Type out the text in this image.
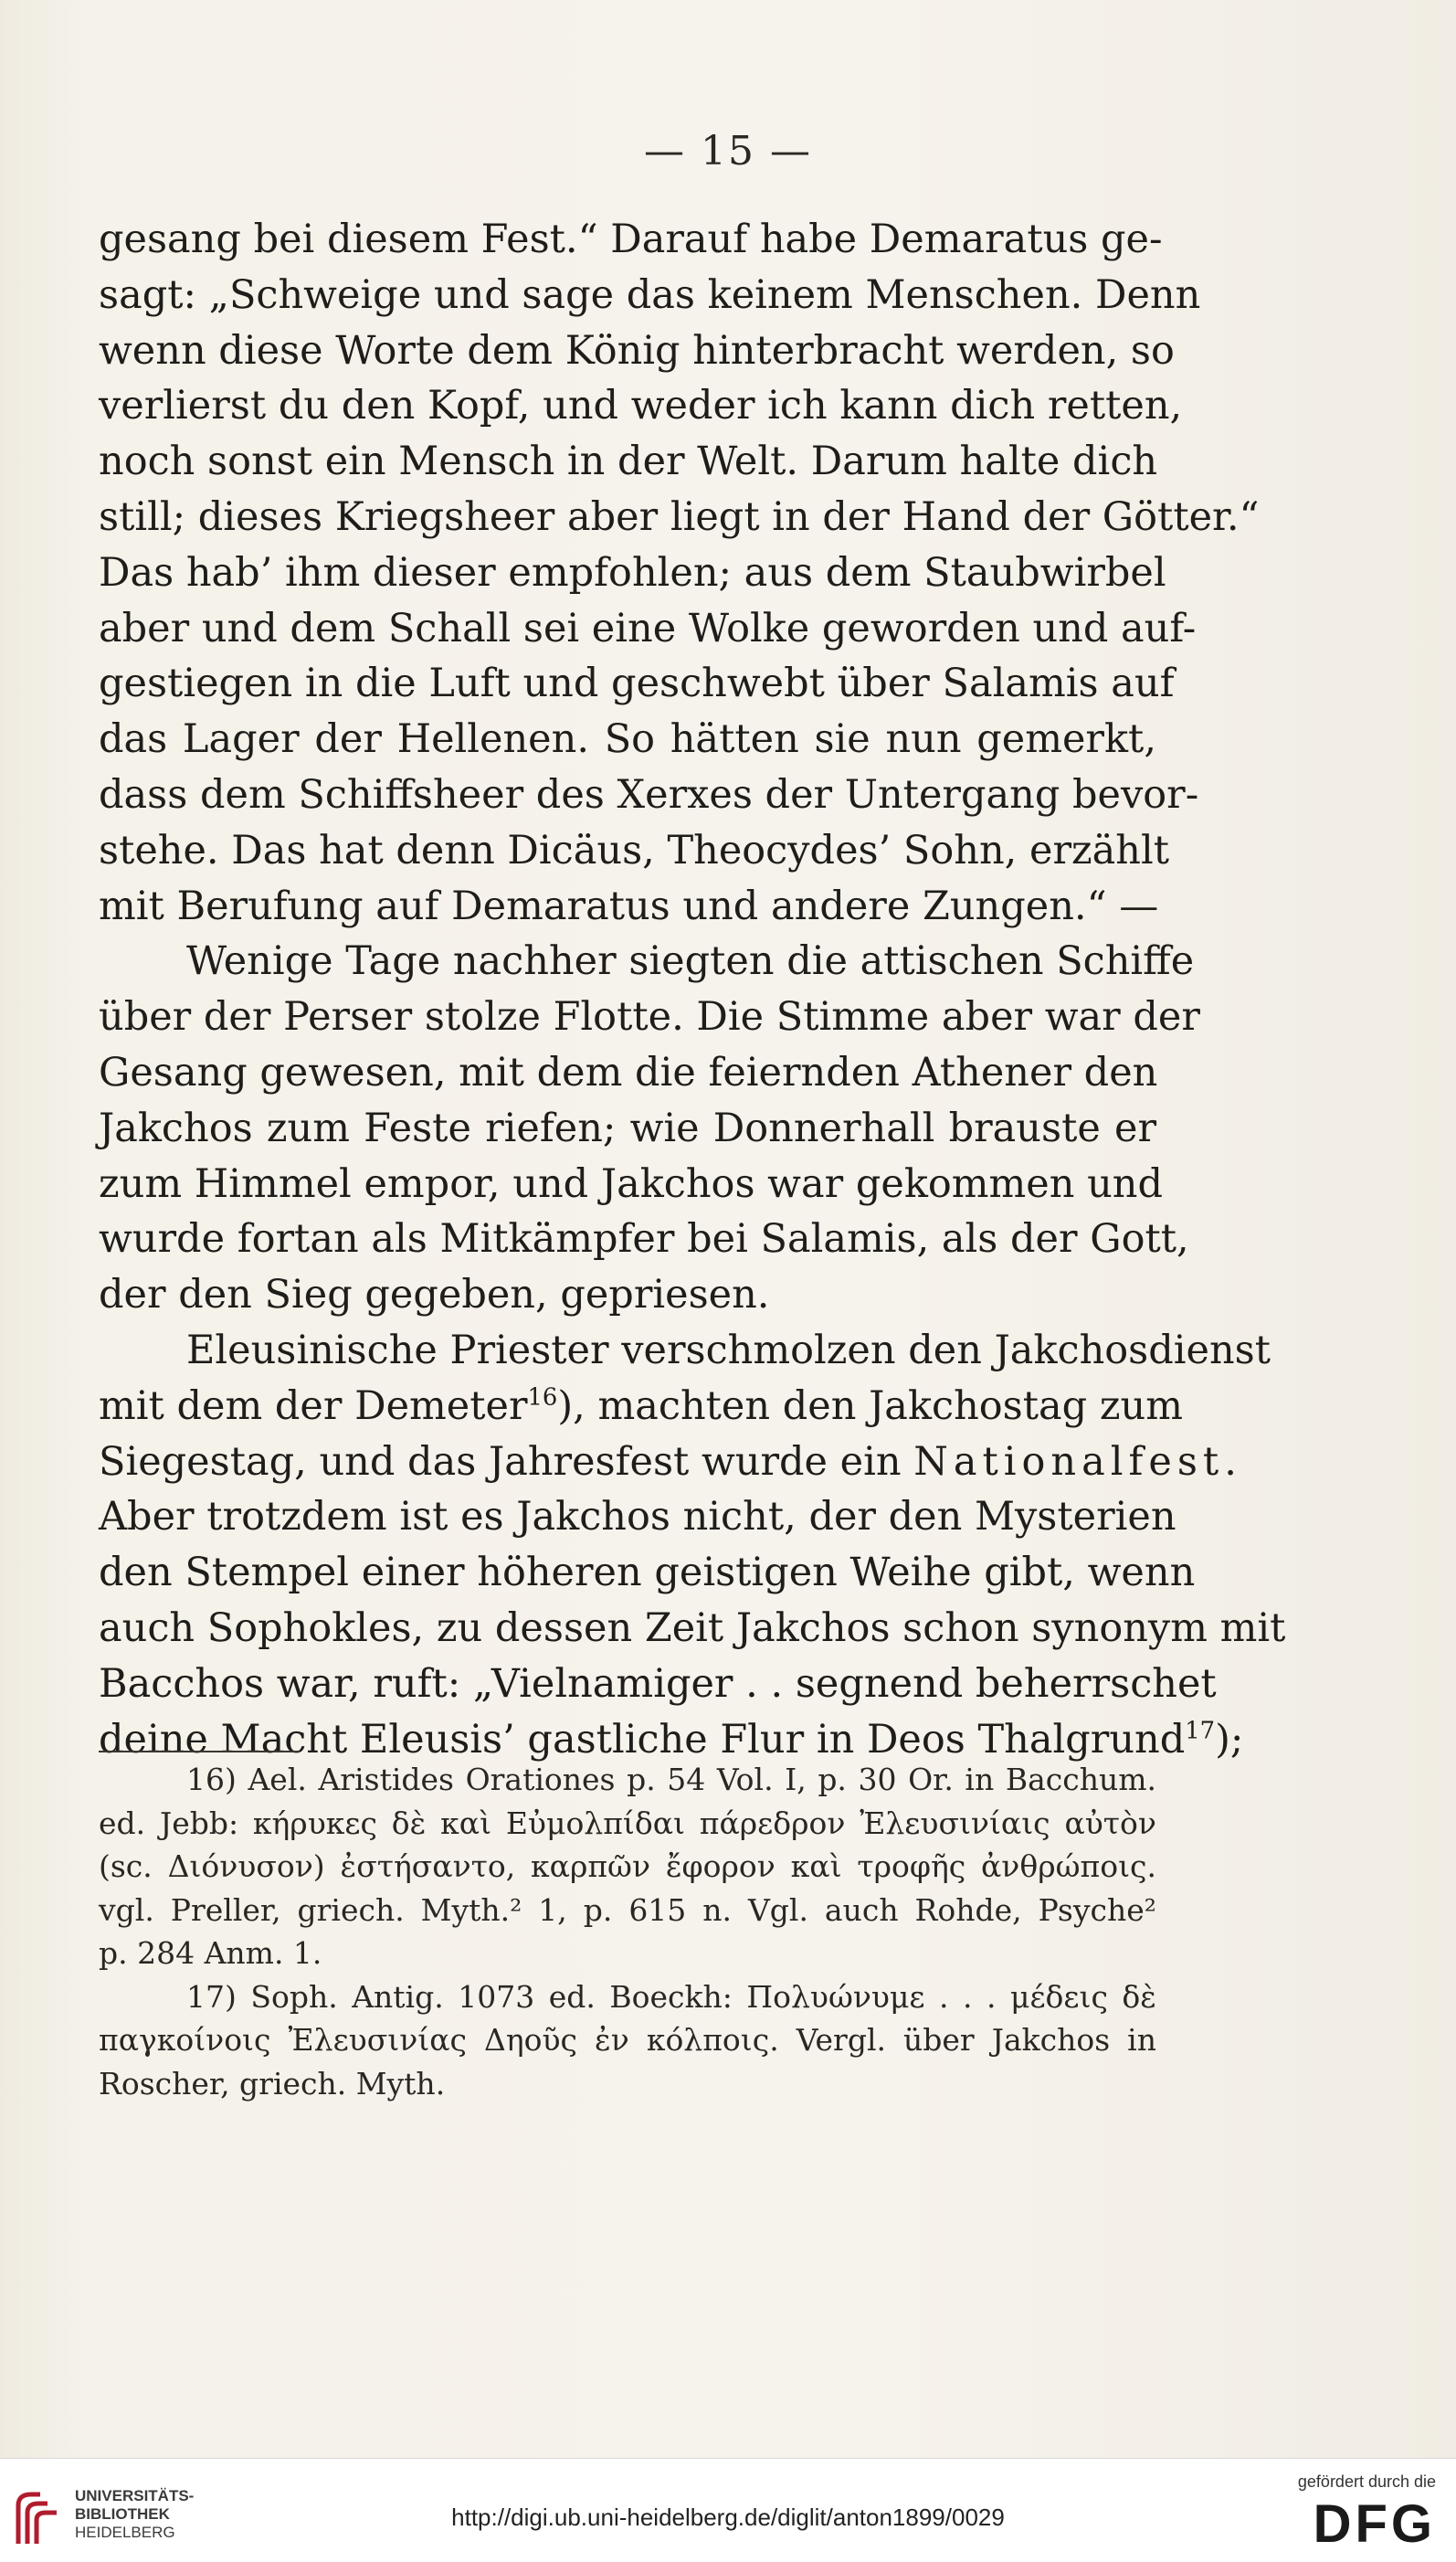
— 15 —

gesang bei diesem Fest.“ Darauf habe Demaratus ge-
sagt: „Schweige und sage das keinem Menschen. Denn
wenn diese Worte dem König hinterbracht werden, so
verlierst du den Kopf, und weder ich kann dich retten,
noch sonst ein Mensch in der Welt. Darum halte dich
still; dieses Kriegsheer aber liegt in der Hand der Götter.“
Das hab’ ihm dieser empfohlen; aus dem Staubwirbel
aber und dem Schall sei eine Wolke geworden und auf-
gestiegen in die Luft und geschwebt über Salamis auf
das Lager der Hellenen. So hätten sie nun gemerkt,
dass dem Schiffsheer des Xerxes der Untergang bevor-
stehe. Das hat denn Dicäus, Theocydes’ Sohn, erzählt
mit Berufung auf Demaratus und andere Zungen.“ —

Wenige Tage nachher siegten die attischen Schiffe
über der Perser stolze Flotte. Die Stimme aber war der
Gesang gewesen, mit dem die feiernden Athener den
Jakchos zum Feste riefen; wie Donnerhall brauste er
zum Himmel empor, und Jakchos war gekommen und
wurde fortan als Mitkämpfer bei Salamis, als der Gott,
der den Sieg gegeben, gepriesen.

Eleusinische Priester verschmolzen den Jakchosdienst
mit dem der Demeter$^{16}$), machten den Jakchostag zum
Siegestag, und das Jahresfest wurde ein Nationalfest.
Aber trotzdem ist es Jakchos nicht, der den Mysterien
den Stempel einer höheren geistigen Weihe gibt, wenn
auch Sophokles, zu dessen Zeit Jakchos schon synonym mit
Bacchos war, ruft: „Vielnamiger . . segnend beherrschet
deine Macht Eleusis’ gastliche Flur in Deos Thalgrund$^{17}$);

16) Ael. Aristides Orationes p. 54 Vol. I, p. 30 Or. in Bacchum.
ed. Jebb: κήρυκες δὲ καὶ Εὐμολπίδαι πάρεδρον Ἐλευσινίαις αὐτὸν
(sc. Διόνυσον) ἐστήσαντο, καρπῶν ἔφορον καὶ τροφῆς ἀνθρώποις.
vgl. Preller, griech. Myth.² 1, p. 615 n. Vgl. auch Rohde, Psyche²
p. 284 Anm. 1.

17) Soph. Antig. 1073 ed. Boeckh: Πολυώνυμε . . . μέδεις δὲ
παγκοίνοις Ἐλευσινίας Δηοῦς ἐν κόλποις. Vergl. über Jakchos in
Roscher, griech. Myth.

UNIVERSITÄTS-
BIBLIOTHEK
HEIDELBERG
http://digi.ub.uni-heidelberg.de/diglit/anton1899/0029
gefördert durch die
DFG
